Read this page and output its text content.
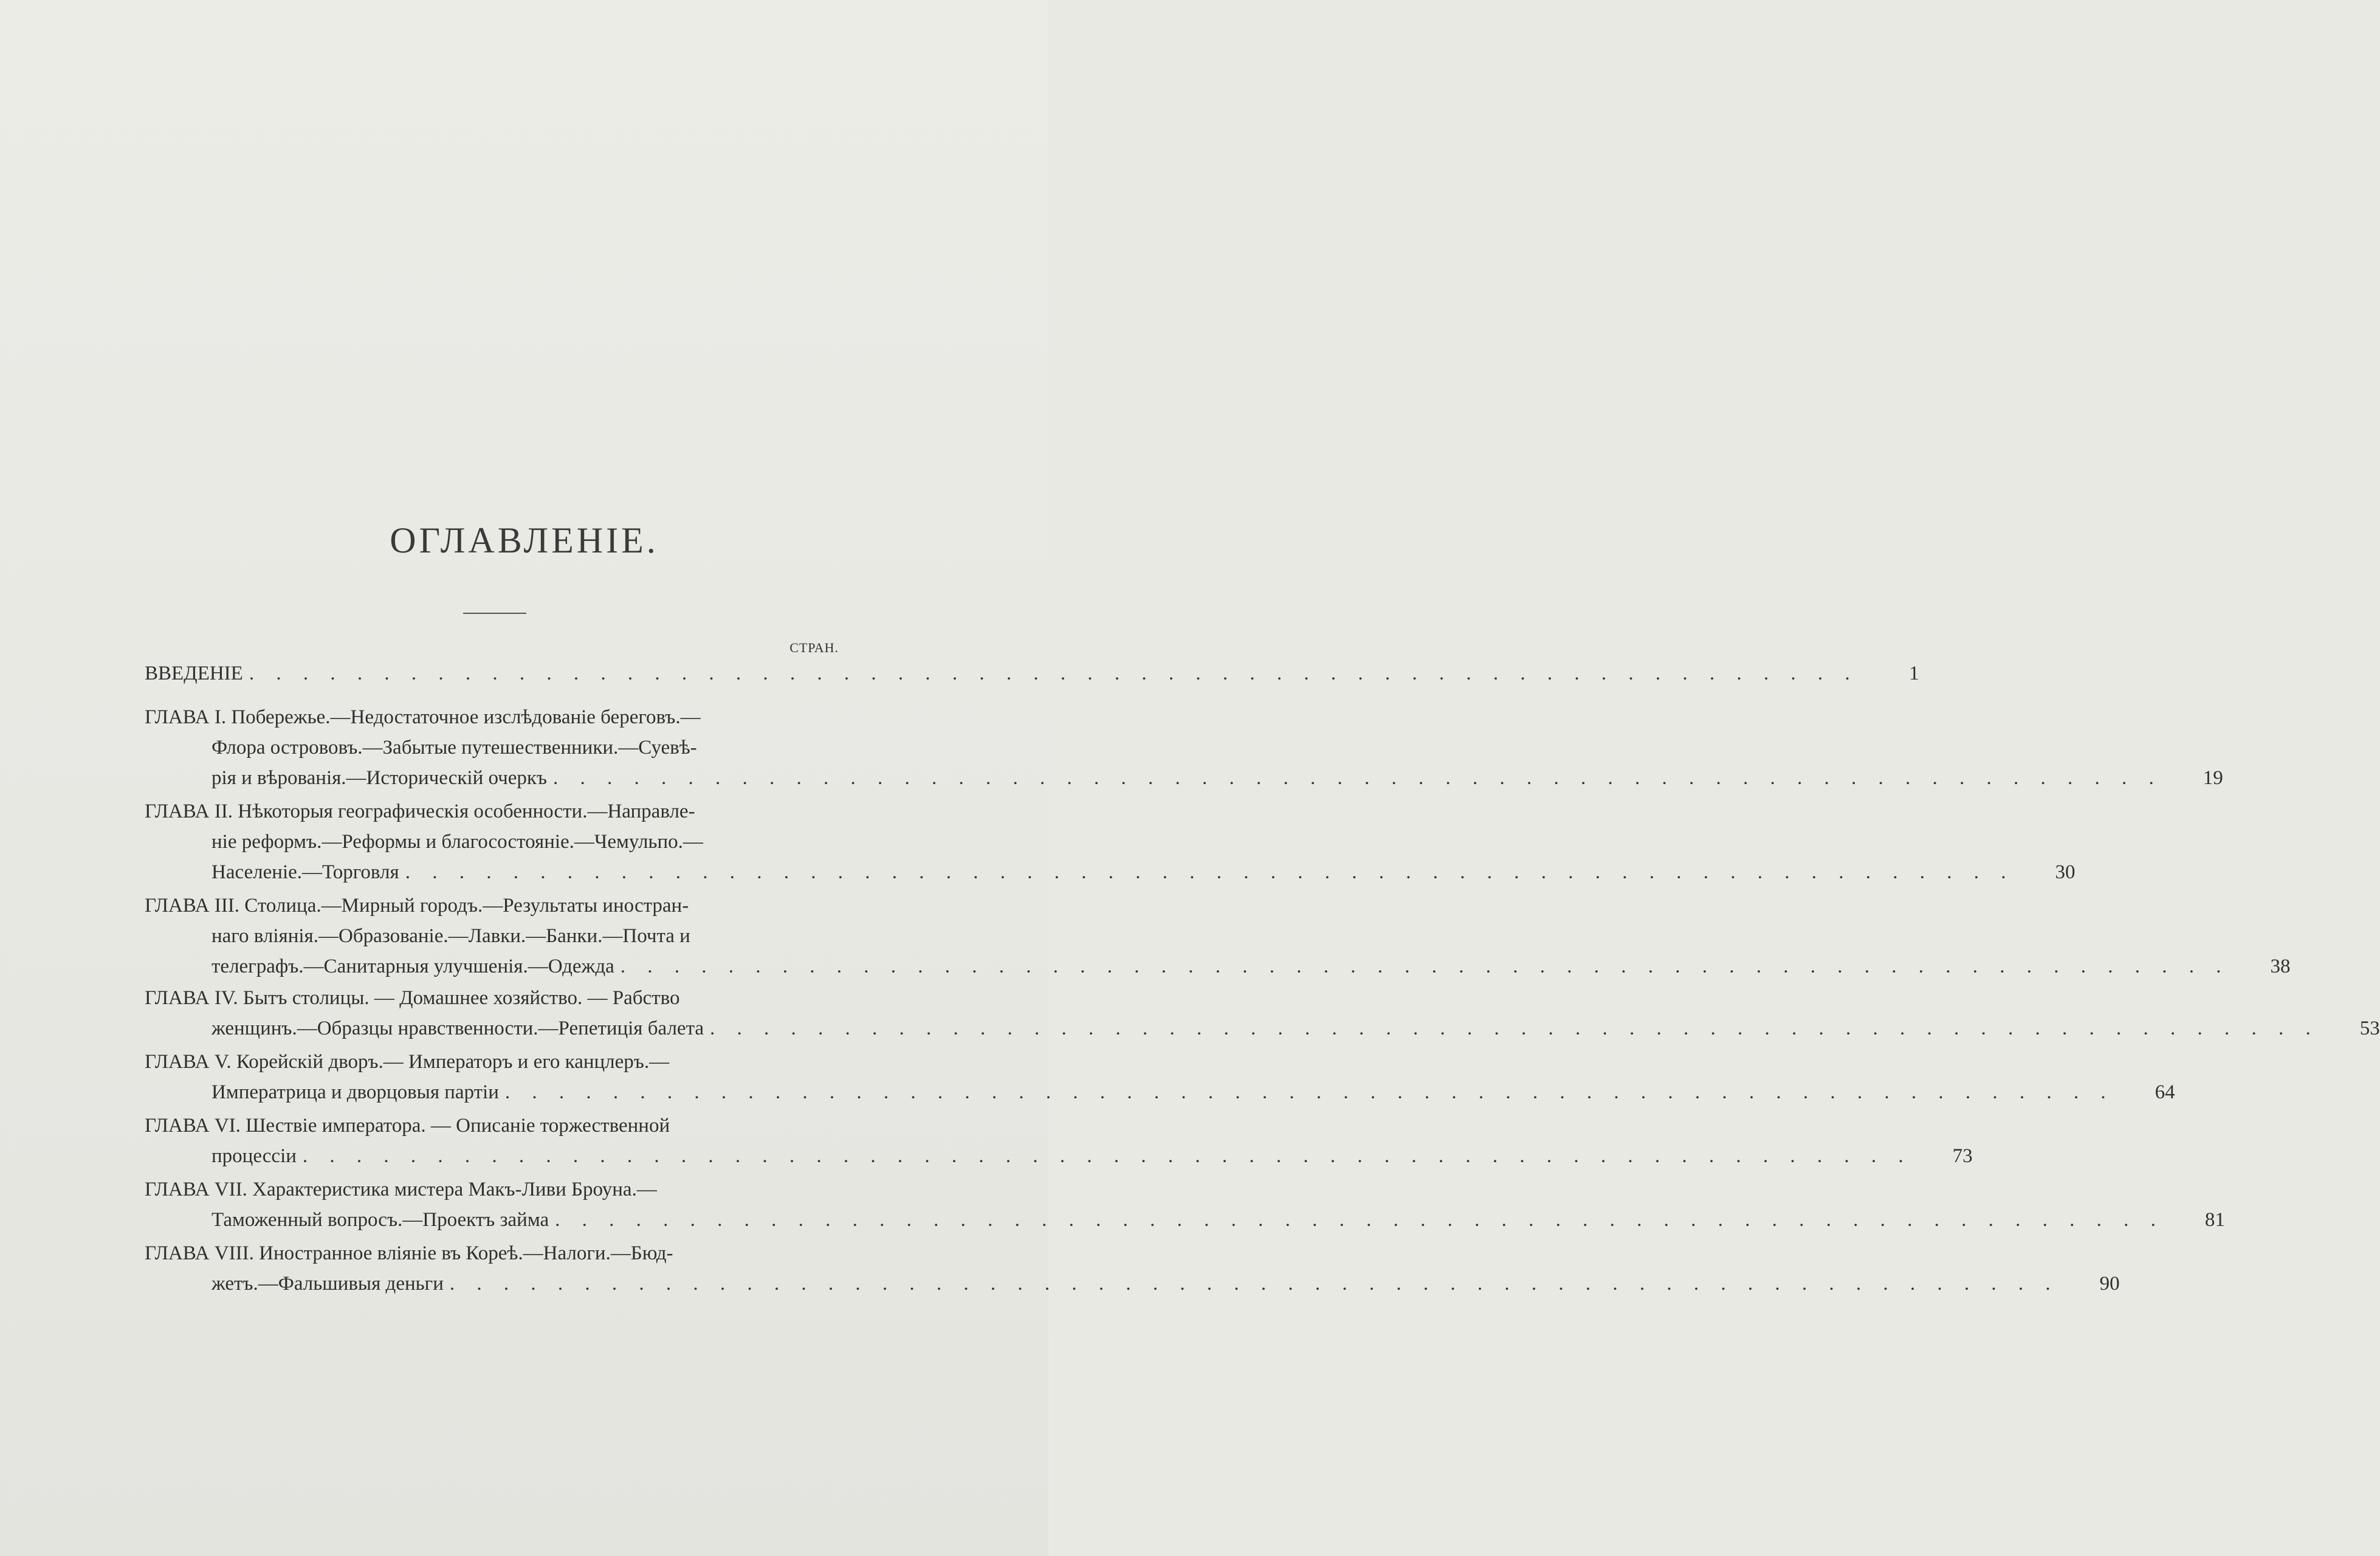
ОГЛАВЛЕНІЕ.
СТРАН.
ВВЕДЕНІЕ . . . . . . . . . . . . . . . . . . . . . . . . . . . . . . . . . . . . . . . . . . . . . . . . . . . . . . . . . . . .	1
ГЛАВА I. Побережье.—Недостаточное изслѣдованіе береговъ.—
Флора острововъ.—Забытые путешественники.—Суевѣ-
рія и вѣрованія.—Историческій очеркъ . . . . . . . . . . . . . . . . . . . . . . . . . . . . . . . . . . . . . . . . . . . . . . . . . . . . . . . . . . . .	19
ГЛАВА II. Нѣкоторыя географическія особенности.—Направле-
ніе реформъ.—Реформы и благосостояніе.—Чемульпо.—
Населеніе.—Торговля . . . . . . . . . . . . . . . . . . . . . . . . . . . . . . . . . . . . . . . . . . . . . . . . . . . . . . . . . . . .	30
ГЛАВА III. Столица.—Мирный городъ.—Результаты иностран-
наго вліянія.—Образованіе.—Лавки.—Банки.—Почта и
телеграфъ.—Санитарныя улучшенія.—Одежда . . . . . . . . . . . . . . . . . . . . . . . . . . . . . . . . . . . . . . . . . . . . . . . . . . . . . . . . . . . .	38
ГЛАВА IV. Бытъ столицы. — Домашнее хозяйство. — Рабство
женщинъ.—Образцы нравственности.—Репетиція балета . . . . . . . . . . . . . . . . . . . . . . . . . . . . . . . . . . . . . . . . . . . . . . . . . . . . . . . . . . . .	53
ГЛАВА V. Корейскій дворъ.— Императоръ и его канцлеръ.—
Императрица и дворцовыя партіи . . . . . . . . . . . . . . . . . . . . . . . . . . . . . . . . . . . . . . . . . . . . . . . . . . . . . . . . . . . .	64
ГЛАВА VI. Шествіе императора. — Описаніе торжественной
процессіи . . . . . . . . . . . . . . . . . . . . . . . . . . . . . . . . . . . . . . . . . . . . . . . . . . . . . . . . . . . .	73
ГЛАВА VII. Характеристика мистера Макъ-Ливи Броуна.—
Таможенный вопросъ.—Проектъ займа . . . . . . . . . . . . . . . . . . . . . . . . . . . . . . . . . . . . . . . . . . . . . . . . . . . . . . . . . . . .	81
ГЛАВА VIII. Иностранное вліяніе въ Кореѣ.—Налоги.—Бюд-
жетъ.—Фальшивыя деньги . . . . . . . . . . . . . . . . . . . . . . . . . . . . . . . . . . . . . . . . . . . . . . . . . . . . . . . . . . . .	90
